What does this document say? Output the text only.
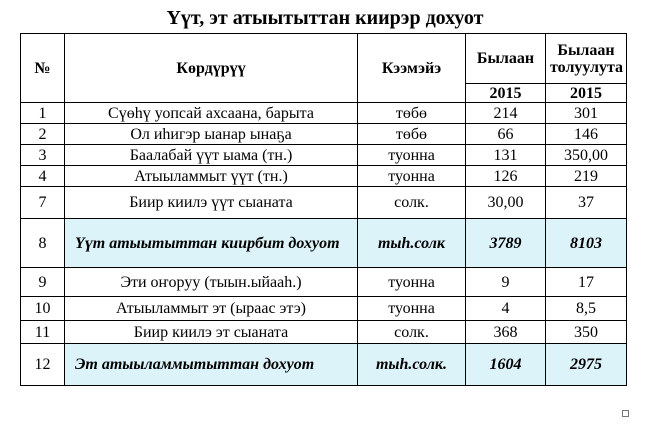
Үүт, эт атыытыттан киирэр дохуот
№	Көрдүрүү	Кээмэйэ	Былаан	Былаан толуулута
			2015	2015
1	Сүөһү уопсай ахсаана, барыта	төбө	214	301
2	Ол иһигэр ыанар ынаҕа	төбө	66	146
3	Баалабай үүт ыама (тн.)	туонна	131	350,00
4	Атыыламмыт үүт (тн.)	туонна	126	219
7	Биир киилэ үүт сыаната	солк.	30,00	37
8	Үүт атыытыттан киирбит дохуот	тыһ.солк	3789	8103
9	Эти оҥоруу (тыын.ыйааһ.)	туонна	9	17
10	Атыыламмыт эт (ыраас этэ)	туонна	4	8,5
11	Биир киилэ эт сыаната	солк.	368	350
12	Эт атыыламмытыттан дохуот	тыһ.солк.	1604	2975
